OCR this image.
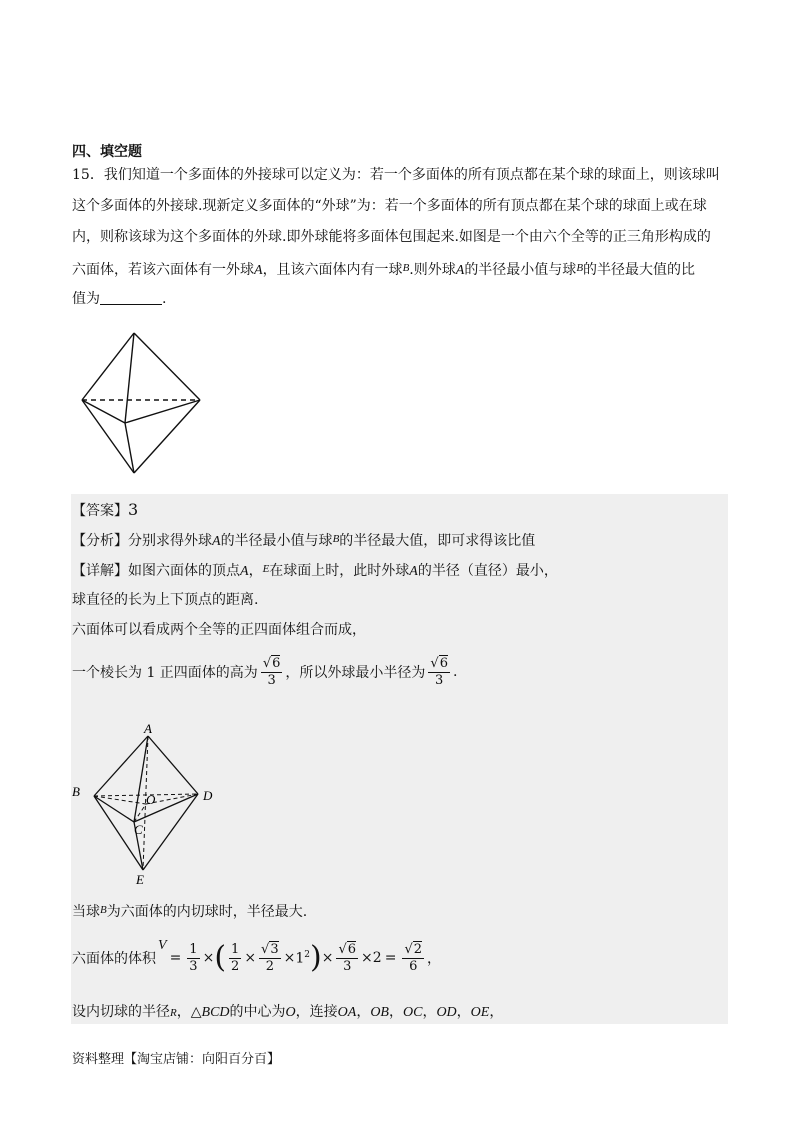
四、填空题
15．我们知道一个多面体的外接球可以定义为：若一个多面体的所有顶点都在某个球的球面上，则该球叫
这个多面体的外接球.现新定义多面体的“外球”为：若一个多面体的所有顶点都在某个球的球面上或在球
内，则称该球为这个多面体的外球.即外球能将多面体包围起来.如图是一个由六个全等的正三角形构成的
六面体，若该六面体有一外球A，且该六面体内有一球$^B$.则外球A的半径最小值与球$^B$的半径最大值的比
值为	.
【答案】3
【分析】分别求得外球A的半径最小值与球$^B$的半径最大值，即可求得该比值
【详解】如图六面体的顶点A，$^E$在球面上时，此时外球A的半径（直径）最小，
球直径的长为上下顶点的距离.
六面体可以看成两个全等的正四面体组合而成，
一个棱长为 1 正四面体的高为 $\frac{√6}{3}$ ，所以外球最小半径为 $\frac{√6}{3}$ .
A
B	D
C
O
E
当球$^B$为六面体的内切球时，半径最大.
六面体的体积
V
= $\frac{1}{3}$ × ( $\frac{1}{2} \times \frac{√3}{2} \times 1^2$ ) × $\frac{√6}{3} \times 2 = \frac{√2}{6}$ ，
设内切球的半径R，△BCD的中心为O，连接OA，OB，OC，OD，OE，
资料整理【淘宝店铺：向阳百分百】
